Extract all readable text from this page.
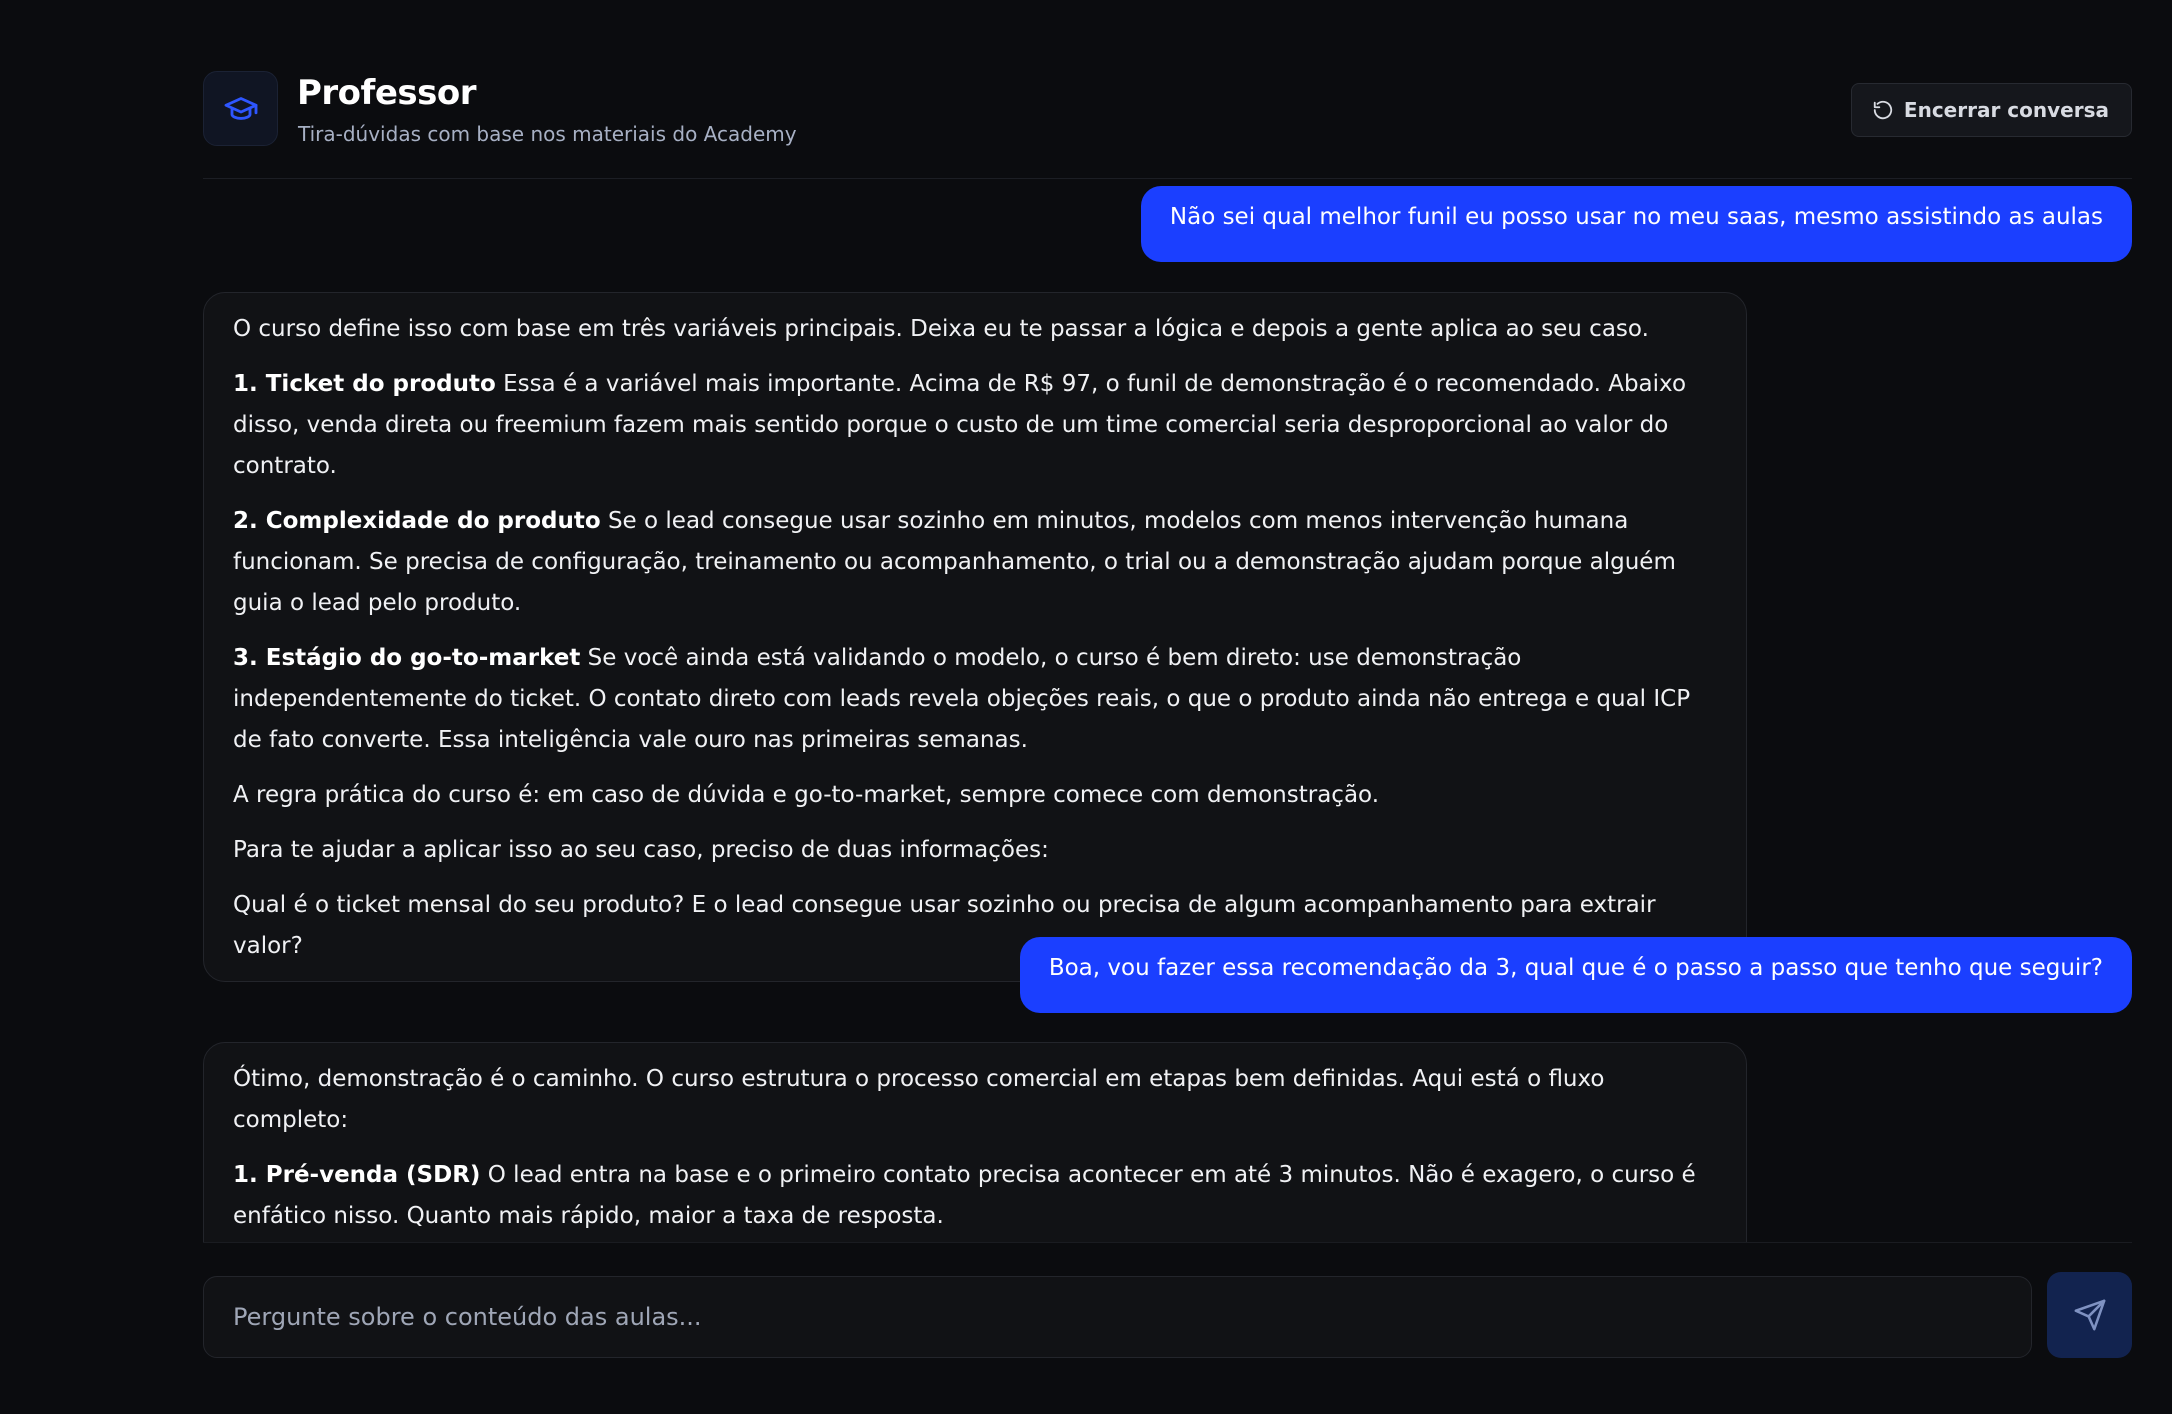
Professor
Tira-dúvidas com base nos materiais do Academy
Encerrar conversa
Não sei qual melhor funil eu posso usar no meu saas, mesmo assistindo as aulas

O curso define isso com base em três variáveis principais. Deixa eu te passar a lógica e depois a gente aplica ao seu caso.

1. Ticket do produto Essa é a variável mais importante. Acima de R$ 97, o funil de demonstração é o recomendado. Abaixo disso, venda direta ou freemium fazem mais sentido porque o custo de um time comercial seria desproporcional ao valor do contrato.

2. Complexidade do produto Se o lead consegue usar sozinho em minutos, modelos com menos intervenção humana funcionam. Se precisa de configuração, treinamento ou acompanhamento, o trial ou a demonstração ajudam porque alguém guia o lead pelo produto.

3. Estágio do go-to-market Se você ainda está validando o modelo, o curso é bem direto: use demonstração independentemente do ticket. O contato direto com leads revela objeções reais, o que o produto ainda não entrega e qual ICP de fato converte. Essa inteligência vale ouro nas primeiras semanas.

A regra prática do curso é: em caso de dúvida e go-to-market, sempre comece com demonstração.

Para te ajudar a aplicar isso ao seu caso, preciso de duas informações:

Qual é o ticket mensal do seu produto? E o lead consegue usar sozinho ou precisa de algum acompanhamento para extrair valor?

Boa, vou fazer essa recomendação da 3, qual que é o passo a passo que tenho que seguir?

Ótimo, demonstração é o caminho. O curso estrutura o processo comercial em etapas bem definidas. Aqui está o fluxo completo:

1. Pré-venda (SDR) O lead entra na base e o primeiro contato precisa acontecer em até 3 minutos. Não é exagero, o curso é enfático nisso. Quanto mais rápido, maior a taxa de resposta.

Pergunte sobre o conteúdo das aulas...
